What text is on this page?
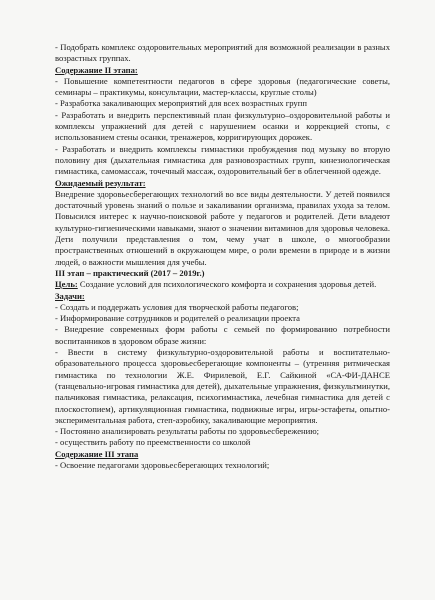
- Подобрать комплекс оздоровительных мероприятий для возможной реализации в разных возрастных группах.

Содержание II этапа:

- Повышение компетентности педагогов в сфере здоровья (педагогические советы, семинары – практикумы, консультации, мастер-классы, круглые столы)

- Разработка закаливающих мероприятий для всех возрастных групп

- Разработать и внедрить перспективный план физкультурно–оздоровительной работы и комплексы упражнений для детей с нарушением осанки и коррекцией стопы, с использованием стены осанки, тренажеров, корригирующих дорожек.

- Разработать и внедрить комплексы гимнастики пробуждения под музыку во вторую половину дня (дыхательная гимнастика для разновозрастных групп, кинезиологическая гимнастика, самомассаж, точечный массаж, оздоровительный бег в облегченной одежде.

Ожидаемый результат:

Внедрение здоровьесберегающих технологий во все виды деятельности. У детей появился достаточный уровень знаний о пользе и закаливании организма, правилах ухода за телом. Повысился интерес к научно-поисковой работе у педагогов и родителей. Дети владеют культурно-гигиеническими навыками, знают о значении витаминов для здоровья человека. Дети получили представления о том, чему учат в школе, о многообразии пространственных отношений в окружающем мире, о роли времени в природе и в жизни людей, о важности мышления для учебы.

III этап – практический (2017 – 2019г.)

Цель: Создание условий для психологического комфорта и сохранения здоровья детей.

Задачи:

- Создать и поддержать условия для творческой работы педагогов;

- Информирование сотрудников и родителей о реализации проекта

- Внедрение современных форм работы с семьей по формированию потребности воспитанников в здоровом образе жизни:

- Ввести в систему физкультурно-оздоровительной работы и воспитательно-образовательного процесса здоровьесберегающие компоненты – (утренняя ритмическая гимнастика по технологии Ж.Е. Фирилевой, Е.Г. Сайкиной «СА-ФИ-ДАНСЕ (танцевально-игровая гимнастика для детей), дыхательные упражнения, физкультминутки, пальчиковая гимнастика, релаксация, психогимнастика, лечебная гимнастика для детей с плоскостопием), артикуляционная гимнастика, подвижные игры, игры-эстафеты, опытно-экспериментальная работа, степ-аэробику, закаливающие мероприятия.

- Постоянно анализировать результаты работы по здоровьесбережению;

- осуществить работу по преемственности со школой

Содержание III этапа

- Освоение педагогами здоровьесберегающих технологий;
